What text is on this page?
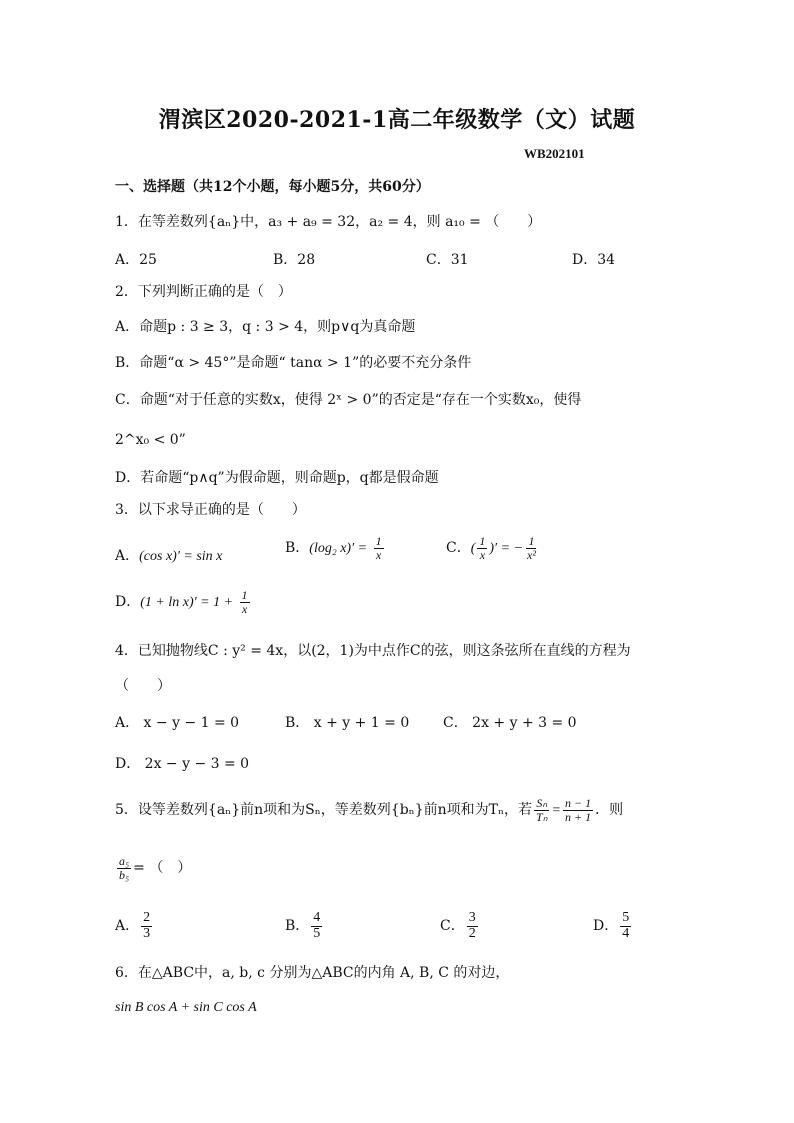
渭滨区2020-2021-1高二年级数学（文）试题
WB202101
一、选择题（共12个小题，每小题5分，共60分）
1．在等差数列{aₙ}中，a₃ + a₉ = 32，a₂ = 4，则 a₁₀ = （　　）
A．25	B．28	C．31	D．34
2．下列判断正确的是（　）
A．命题p : 3 ≥ 3，q : 3 > 4，则p∨q为真命题
B．命题“α > 45°”是命题“ tanα > 1”的必要不充分条件
C．命题“对于任意的实数x，使得 2ˣ > 0”的否定是“存在一个实数x₀，使得
2^x₀ < 0”
D．若命题“p∧q”为假命题，则命题p，q都是假命题
3．以下求导正确的是（　　）
A．(cos x)′ = sin x
B．(log₂ $x)' = \frac{1}{x}$	C．( $\frac{1}{x}$ )′ = − $\frac{1}{\text{x²}}$
D．$(1 + \ln x)' = 1 + \frac{1}{x}$
4．已知抛物线C : y² = 4x，以(2，1)为中点作C的弦，则这条弦所在直线的方程为
（　　）
A． x − y − 1 = 0	B． x + y + 1 = 0 C． 2x + y + 3 = 0
D． 2x − y − 3 = 0
5．设等差数列{aₙ}前n项和为Sₙ，等差数列{bₙ}前n项和为Tₙ，若 $\frac{\text{Sₙ}}{\text{Tₙ}} = \frac{n - 1}{n + 1}$ ．则
$\frac{\text{a₅}}{\text{b₅}}$ = （　）
A． $\frac{2}{3}$	B． $\frac{4}{5}$	C． $\frac{3}{2}$	D． $\frac{5}{4}$
6．在△ABC中，a, b, c 分别为△ABC的内角 A, B, C 的对边，
sin B cos A + sin C cos A
